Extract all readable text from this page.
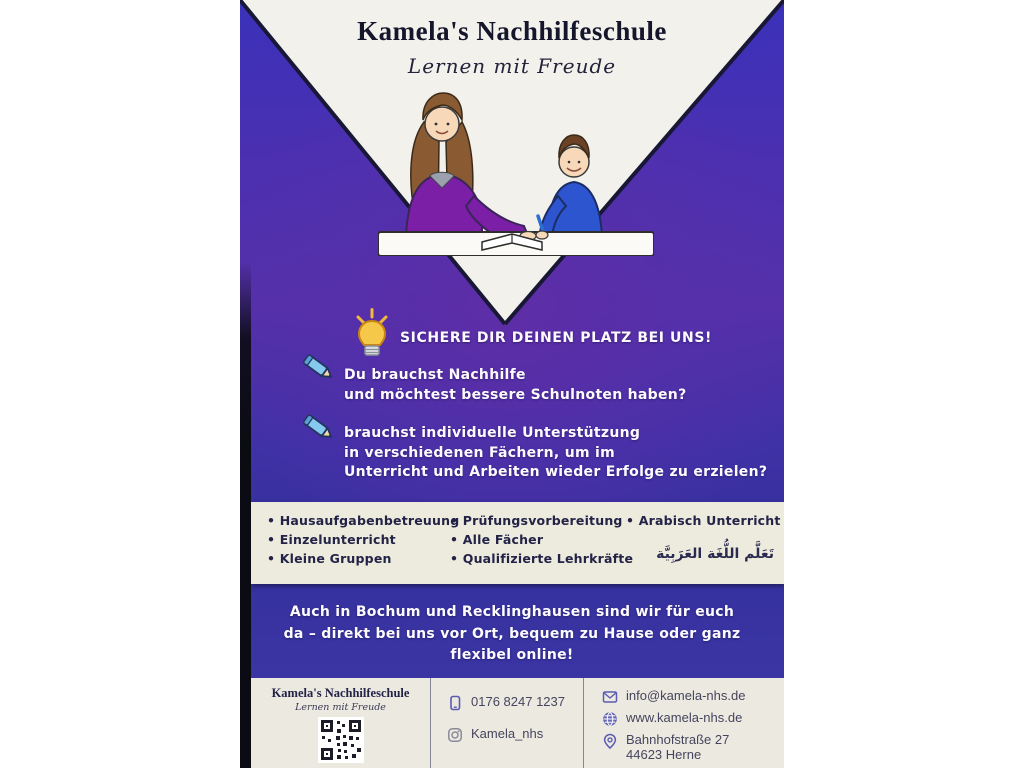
Kamela's Nachhilfeschule
Lernen mit Freude
SICHERE DIR DEINEN PLATZ BEI UNS!
Du brauchst Nachhilfe
und möchtest bessere Schulnoten haben?
brauchst individuelle Unterstützung
in verschiedenen Fächern, um im
Unterricht und Arbeiten wieder Erfolge zu erzielen?
• Hausaufgabenbetreuung
• Einzelunterricht
• Kleine Gruppen
• Prüfungsvorbereitung
• Alle Fächer
• Qualifizierte Lehrkräfte
• Arabisch Unterricht
تَعَلَّم اللُّغَة العَرَبِيَّة
Auch in Bochum und Recklinghausen sind wir für euch
da – direkt bei uns vor Ort, bequem zu Hause oder ganz
flexibel online!
Kamela's Nachhilfeschule
Lernen mit Freude	0176 8247 1237
Kamela_nhs
info@kamela-nhs.de
www.kamela-nhs.de
Bahnhofstraße 27
44623 Herne
